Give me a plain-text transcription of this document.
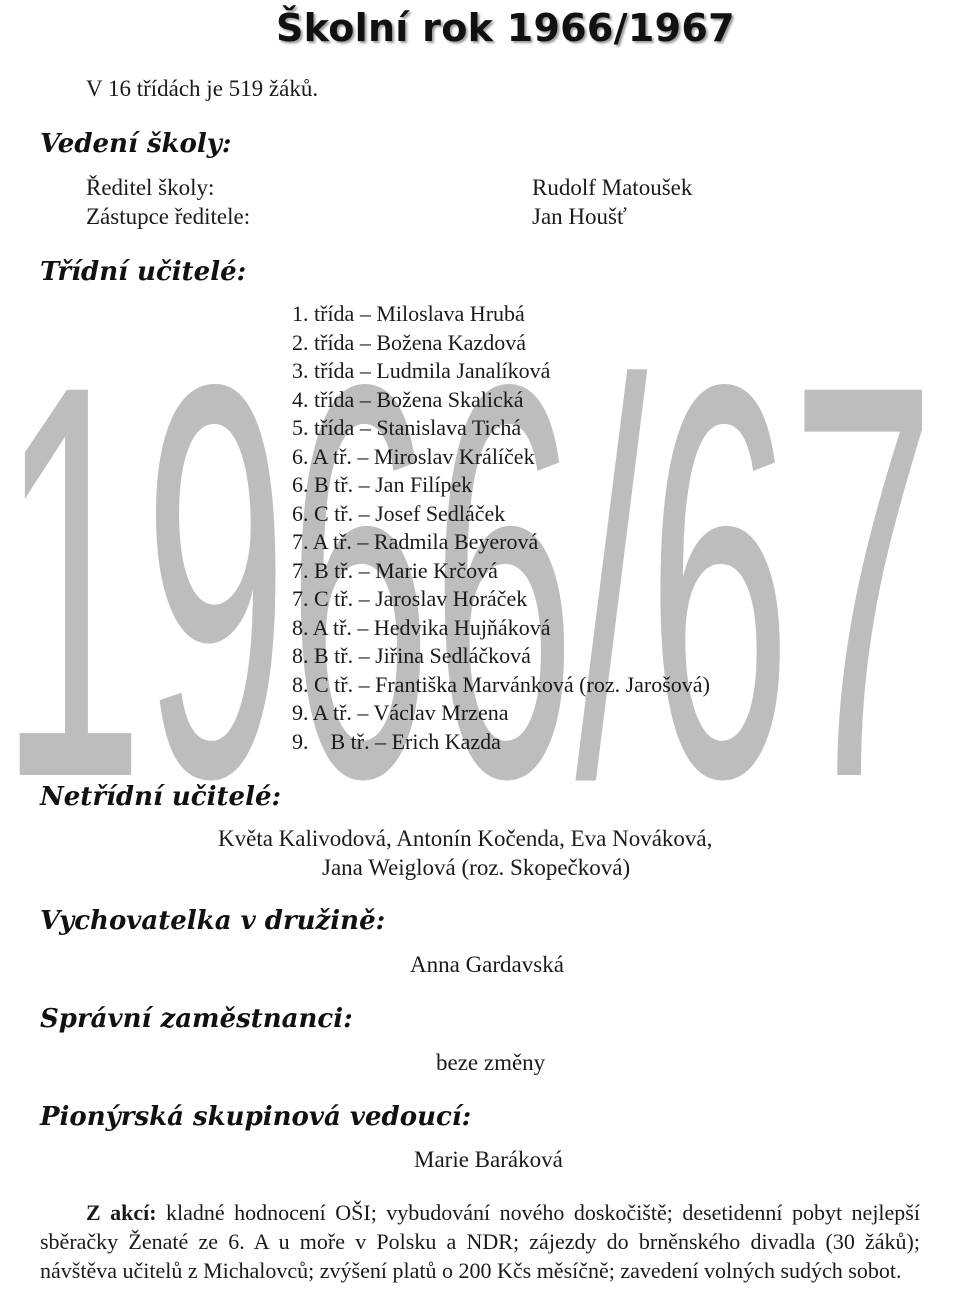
1966/67
Školní rok 1966/1967
V 16 třídách je 519 žáků.
Vedení školy:
Ředitel školy:	Rudolf Matoušek
Zástupce ředitele:	Jan Houšť
Třídní učitelé:
1. třída – Miloslava Hrubá
2. třída – Božena Kazdová
3. třída – Ludmila Janalíková
4. třída – Božena Skalická
5. třída – Stanislava Tichá
6. A tř. – Miroslav Králíček
6. B tř. – Jan Filípek
6. C tř. – Josef Sedláček
7. A tř. – Radmila Beyerová
7. B tř. – Marie Krčová
7. C tř. – Jaroslav Horáček
8. A tř. – Hedvika Hujňáková
8. B tř. – Jiřina Sedláčková
8. C tř. – Františka Marvánková (roz. Jarošová)
9. A tř. – Václav Mrzena
9.    B tř. – Erich Kazda
Netřídní učitelé:
Květa Kalivodová, Antonín Kočenda, Eva Nováková,
Jana Weiglová (roz. Skopečková)
Vychovatelka v družině:
Anna Gardavská
Správní zaměstnanci:
beze změny
Pionýrská skupinová vedoucí:
Marie Baráková
Z akcí: kladné hodnocení OŠI; vybudování nového doskočiště; desetidenní pobyt nejlepší sběračky Ženaté ze 6. A u moře v Polsku a NDR; zájezdy do brněnského divadla (30 žáků); návštěva učitelů z Michalovců; zvýšení platů o 200 Kčs měsíčně; zavedení volných sudých sobot.
